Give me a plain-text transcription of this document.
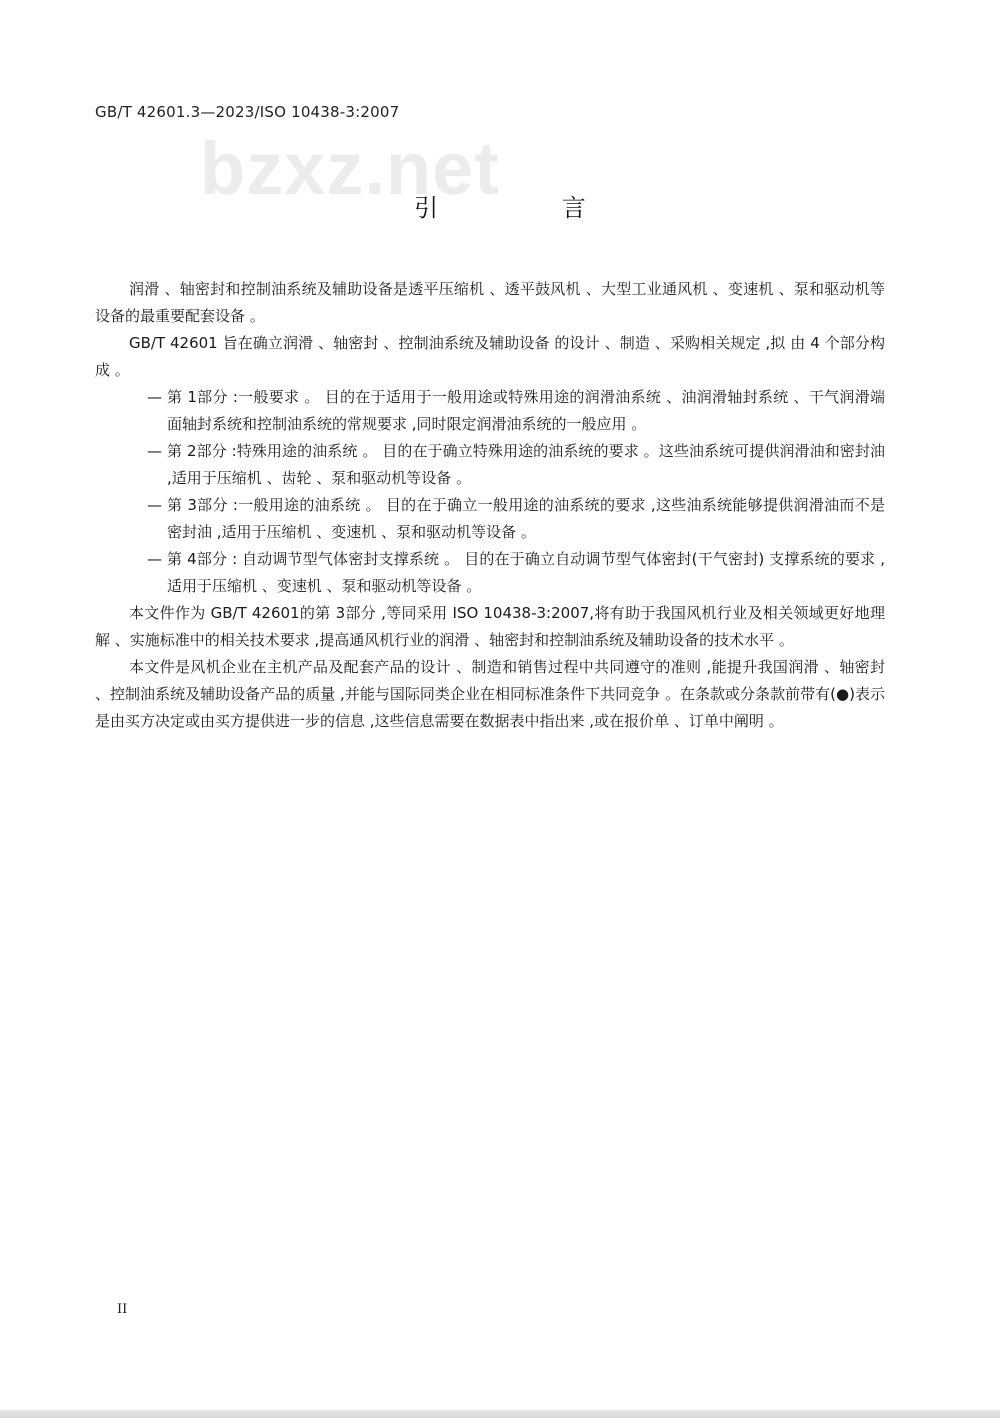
GB/T 42601.3—2023/ISO 10438-3:2007
bzxz.net
引 言

润滑 、轴密封和控制油系统及辅助设备是透平压缩机 、透平鼓风机 、大型工业通风机 、变速机 、泵和驱动机等设备的最重要配套设备 。

GB/T 42601 旨在确立润滑 、轴密封 、控制油系统及辅助设备 的设计 、制造 、采购相关规定 ,拟 由 4 个部分构成 。

— 第 1部分 :一般要求 。 目的在于适用于一般用途或特殊用途的润滑油系统 、油润滑轴封系统 、干气润滑端面轴封系统和控制油系统的常规要求 ,同时限定润滑油系统的一般应用 。
— 第 2部分 :特殊用途的油系统 。 目的在于确立特殊用途的油系统的要求 。这些油系统可提供润滑油和密封油 ,适用于压缩机 、齿轮 、泵和驱动机等设备 。
— 第 3部分 :一般用途的油系统 。 目的在于确立一般用途的油系统的要求 ,这些油系统能够提供润滑油而不是密封油 ,适用于压缩机 、变速机 、泵和驱动机等设备 。
— 第 4部分 : 自动调节型气体密封支撑系统 。 目的在于确立自动调节型气体密封(干气密封) 支撑系统的要求 ,适用于压缩机 、变速机 、泵和驱动机等设备 。

本文件作为 GB/T 42601的第 3部分 ,等同采用 ISO 10438-3:2007,将有助于我国风机行业及相关领域更好地理解 、实施标准中的相关技术要求 ,提高通风机行业的润滑 、轴密封和控制油系统及辅助设备的技术水平 。

本文件是风机企业在主机产品及配套产品的设计 、制造和销售过程中共同遵守的准则 ,能提升我国润滑 、轴密封 、控制油系统及辅助设备产品的质量 ,并能与国际同类企业在相同标准条件下共同竞争 。在条款或分条款前带有(●)表示是由买方决定或由买方提供进一步的信息 ,这些信息需要在数据表中指出来 ,或在报价单 、订单中阐明 。

II
